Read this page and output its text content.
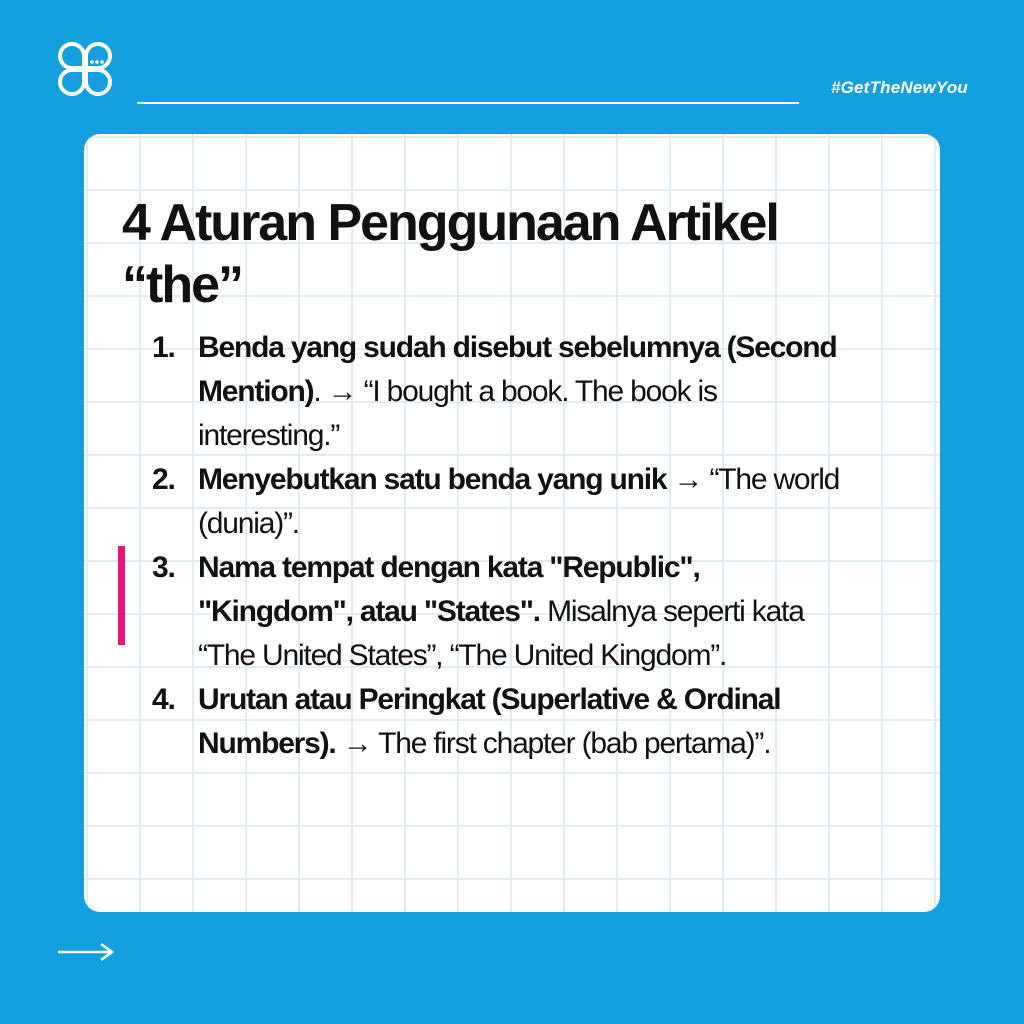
#GetTheNewYou
4 Aturan Penggunaan Artikel “the”
1. Benda yang sudah disebut sebelumnya (Second Mention). → “I bought a book. The book is interesting.”
2. Menyebutkan satu benda yang unik → “The world (dunia)”.
3. Nama tempat dengan kata "Republic", "Kingdom", atau "States". Misalnya seperti kata “The United States”, “The United Kingdom”.
4. Urutan atau Peringkat (Superlative & Ordinal Numbers). → The first chapter (bab pertama)”.
